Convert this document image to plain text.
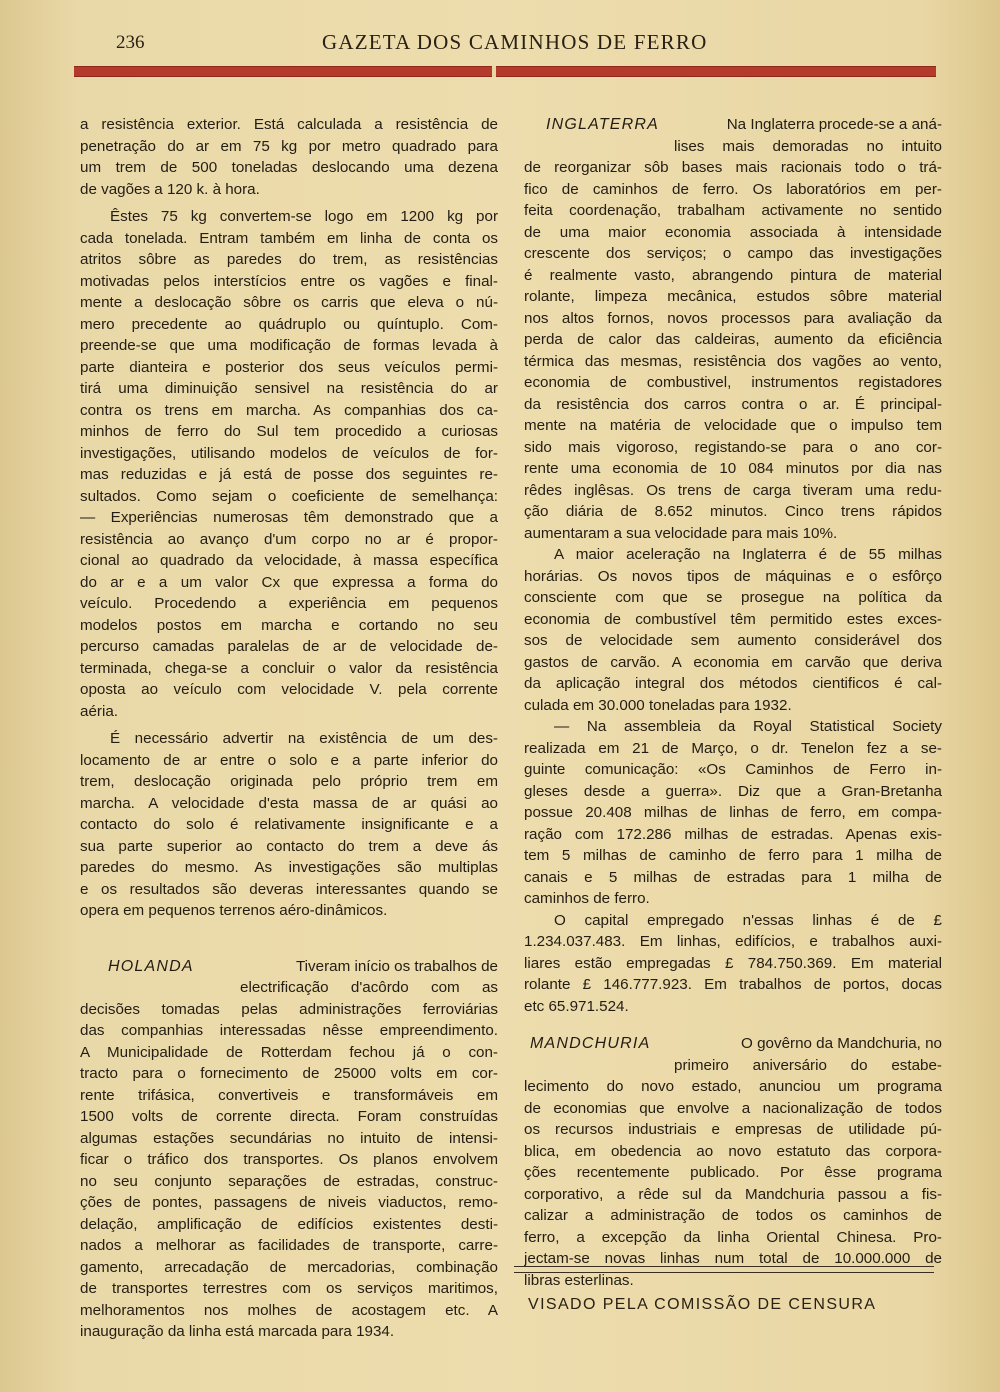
236	GAZETA DOS CAMINHOS DE FERRO
a resistência exterior. Está calculada a resistência de
penetração do ar em 75 kg por metro quadrado para
um trem de 500 toneladas deslocando uma dezena
de vagões a 120 k. à hora.
Êstes 75 kg convertem-se logo em 1200 kg por
cada tonelada. Entram também em linha de conta os
atritos sôbre as paredes do trem, as resistências
motivadas pelos interstícios entre os vagões e final-
mente a deslocação sôbre os carris que eleva o nú-
mero precedente ao quádruplo ou quíntuplo. Com-
preende-se que uma modificação de formas levada à
parte dianteira e posterior dos seus veículos permi-
tirá uma diminuição sensivel na resistência do ar
contra os trens em marcha. As companhias dos ca-
minhos de ferro do Sul tem procedido a curiosas
investigações, utilisando modelos de veículos de for-
mas reduzidas e já está de posse dos seguintes re-
sultados. Como sejam o coeficiente de semelhança:
— Experiências numerosas têm demonstrado que a
resistência ao avanço d'um corpo no ar é propor-
cional ao quadrado da velocidade, à massa específica
do ar e a um valor Cx que expressa a forma do
veículo. Procedendo a experiência em pequenos
modelos postos em marcha e cortando no seu
percurso camadas paralelas de ar de velocidade de-
terminada, chega-se a concluir o valor da resistência
oposta ao veículo com velocidade V. pela corrente
aéria.
É necessário advertir na existência de um des-
locamento de ar entre o solo e a parte inferior do
trem, deslocação originada pelo próprio trem em
marcha. A velocidade d'esta massa de ar quási ao
contacto do solo é relativamente insignificante e a
sua parte superior ao contacto do trem a deve ás
paredes do mesmo. As investigações são multiplas
e os resultados são deveras interessantes quando se
opera em pequenos terrenos aéro-dinâmicos.
HOLANDA	Tiveram início os trabalhos de
electrificação d'acôrdo com as
decisões tomadas pelas administrações ferroviárias
das companhias interessadas nêsse empreendimento.
A Municipalidade de Rotterdam fechou já o con-
tracto para o fornecimento de 25000 volts em cor-
rente trifásica, convertiveis e transformáveis em
1500 volts de corrente directa. Foram construídas
algumas estações secundárias no intuito de intensi-
ficar o tráfico dos transportes. Os planos envolvem
no seu conjunto separações de estradas, construc-
ções de pontes, passagens de niveis viaductos, remo-
delação, amplificação de edifícios existentes desti-
nados a melhorar as facilidades de transporte, carre-
gamento, arrecadação de mercadorias, combinação
de transportes terrestres com os serviços maritimos,
melhoramentos nos molhes de acostagem etc. A
inauguração da linha está marcada para 1934.
INGLATERRA	Na Inglaterra procede-se a aná-
lises mais demoradas no intuito
de reorganizar sôb bases mais racionais todo o trá-
fico de caminhos de ferro. Os laboratórios em per-
feita coordenação, trabalham activamente no sentido
de uma maior economia associada à intensidade
crescente dos serviços; o campo das investigações
é realmente vasto, abrangendo pintura de material
rolante, limpeza mecânica, estudos sôbre material
nos altos fornos, novos processos para avaliação da
perda de calor das caldeiras, aumento da eficiência
térmica das mesmas, resistência dos vagões ao vento,
economia de combustivel, instrumentos registadores
da resistência dos carros contra o ar. É principal-
mente na matéria de velocidade que o impulso tem
sido mais vigoroso, registando-se para o ano cor-
rente uma economia de 10 084 minutos por dia nas
rêdes inglêsas. Os trens de carga tiveram uma redu-
ção diária de 8.652 minutos. Cinco trens rápidos
aumentaram a sua velocidade para mais 10%.
A maior aceleração na Inglaterra é de 55 milhas
horárias. Os novos tipos de máquinas e o esfôrço
consciente com que se prosegue na política da
economia de combustível têm permitido estes exces-
sos de velocidade sem aumento considerável dos
gastos de carvão. A economia em carvão que deriva
da aplicação integral dos métodos cientificos é cal-
culada em 30.000 toneladas para 1932.
— Na assembleia da Royal Statistical Society
realizada em 21 de Março, o dr. Tenelon fez a se-
guinte comunicação: «Os Caminhos de Ferro in-
gleses desde a guerra». Diz que a Gran-Bretanha
possue 20.408 milhas de linhas de ferro, em compa-
ração com 172.286 milhas de estradas. Apenas exis-
tem 5 milhas de caminho de ferro para 1 milha de
canais e 5 milhas de estradas para 1 milha de
caminhos de ferro.
O capital empregado n'essas linhas é de £
1.234.037.483. Em linhas, edifícios, e trabalhos auxi-
liares estão empregadas £ 784.750.369. Em material
rolante £ 146.777.923. Em trabalhos de portos, docas
etc 65.971.524.
MANDCHURIA	O govêrno da Mandchuria, no
primeiro aniversário do estabe-
lecimento do novo estado, anunciou um programa
de economias que envolve a nacionalização de todos
os recursos industriais e empresas de utilidade pú-
blica, em obedencia ao novo estatuto das corpora-
ções recentemente publicado. Por êsse programa
corporativo, a rêde sul da Mandchuria passou a fis-
calizar a administração de todos os caminhos de
ferro, a excepção da linha Oriental Chinesa. Pro-
jectam-se novas linhas num total de 10.000.000 de
libras esterlinas.
VISADO PELA COMISSÃO DE CENSURA
